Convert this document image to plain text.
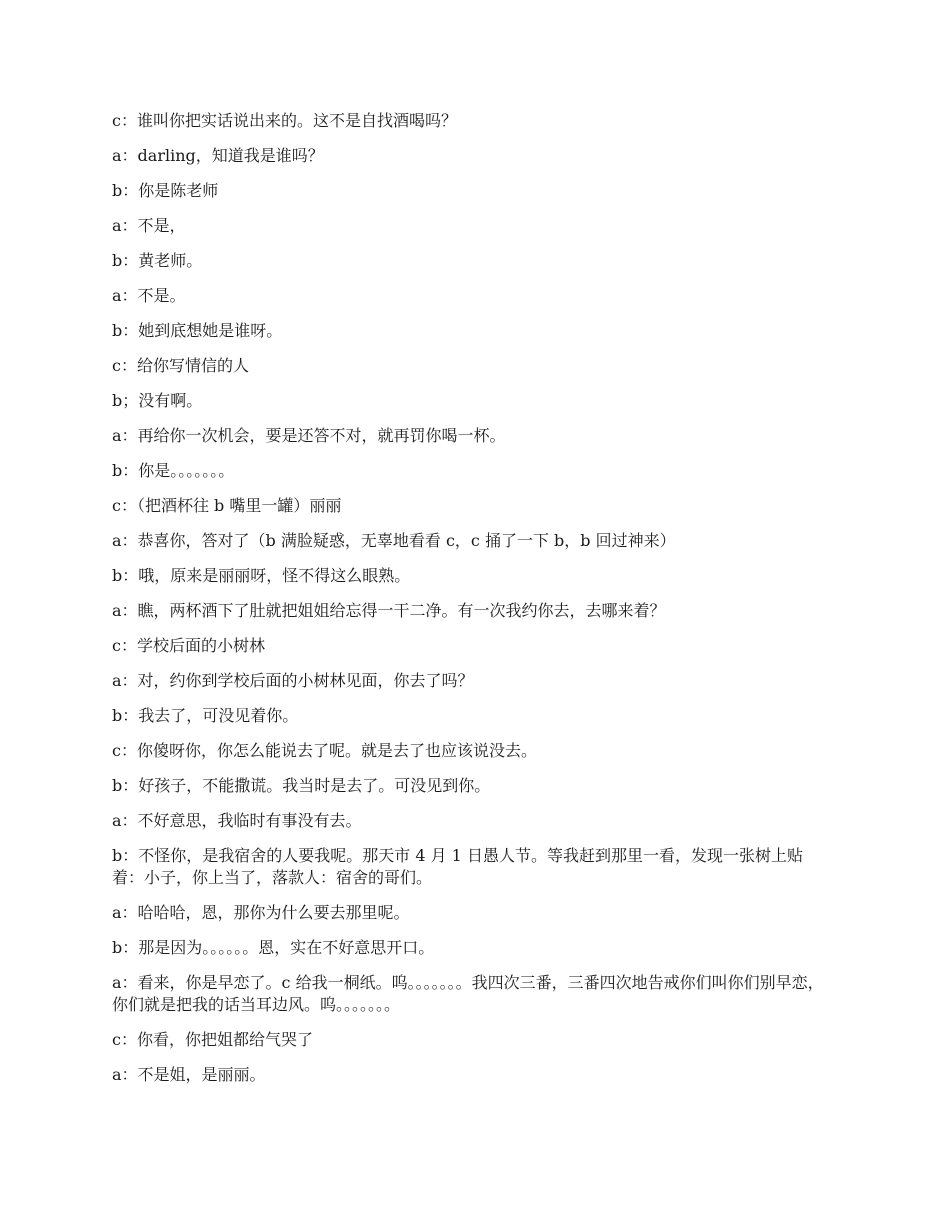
c：谁叫你把实话说出来的。这不是自找酒喝吗？

a：darling，知道我是谁吗？

b：你是陈老师

a：不是，

b：黄老师。

a：不是。

b：她到底想她是谁呀。

c：给你写情信的人

b；没有啊。

a：再给你一次机会，要是还答不对，就再罚你喝一杯。

b：你是。。。。。。。

c：（把酒杯往 b 嘴里一罐）丽丽

a：恭喜你，答对了（b 满脸疑惑，无辜地看看 c，c 捅了一下 b，b 回过神来）

b：哦，原来是丽丽呀，怪不得这么眼熟。

a：瞧，两杯酒下了肚就把姐姐给忘得一干二净。有一次我约你去，去哪来着？

c：学校后面的小树林

a：对，约你到学校后面的小树林见面，你去了吗？

b：我去了，可没见着你。

c：你傻呀你，你怎么能说去了呢。就是去了也应该说没去。

b：好孩子，不能撒谎。我当时是去了。可没见到你。

a：不好意思，我临时有事没有去。

b：不怪你，是我宿舍的人要我呢。那天市 4 月 1 日愚人节。等我赶到那里一看，发现一张树上贴着：小子，你上当了，落款人：宿舍的哥们。

a：哈哈哈，恩，那你为什么要去那里呢。

b：那是因为。。。。。。恩，实在不好意思开口。

a：看来，你是早恋了。c 给我一桐纸。呜。。。。。。。我四次三番，三番四次地告戒你们叫你们别早恋，你们就是把我的话当耳边风。呜。。。。。。。

c：你看，你把姐都给气哭了

a：不是姐，是丽丽。
